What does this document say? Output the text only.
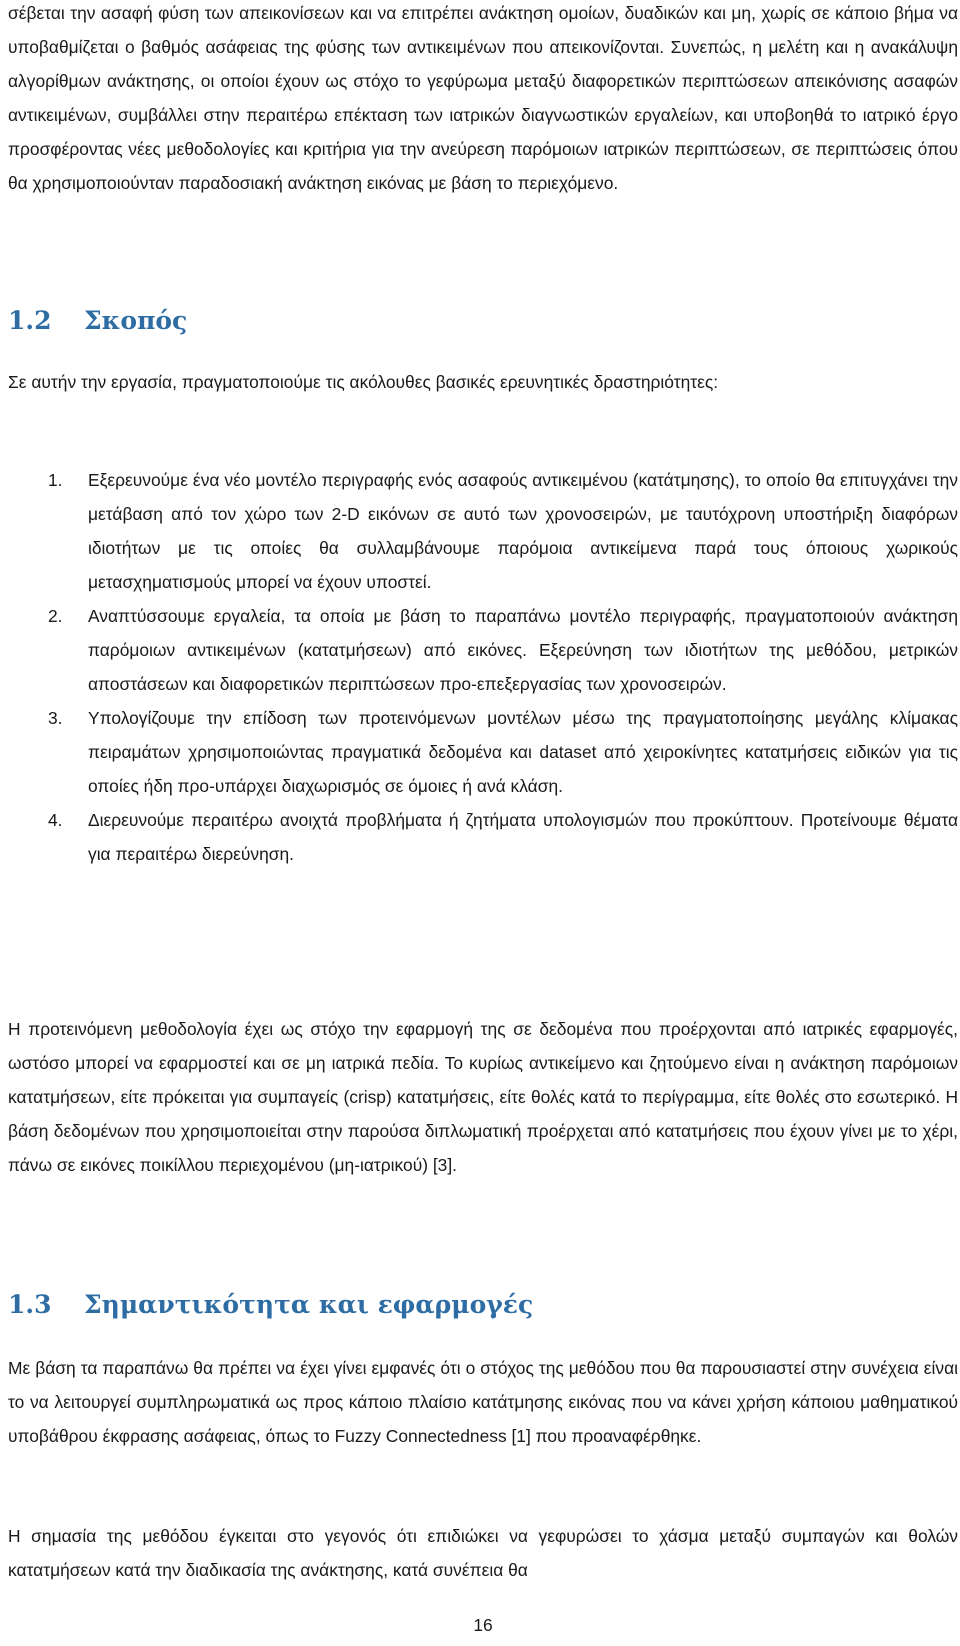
σέβεται την ασαφή φύση των απεικονίσεων και να επιτρέπει ανάκτηση ομοίων, δυαδικών και μη, χωρίς σε κάποιο βήμα να υποβαθμίζεται ο βαθμός ασάφειας της φύσης των αντικειμένων που απεικονίζονται. Συνεπώς, η μελέτη και η ανακάλυψη αλγορίθμων ανάκτησης, οι οποίοι έχουν ως στόχο το γεφύρωμα μεταξύ διαφορετικών περιπτώσεων απεικόνισης ασαφών αντικειμένων, συμβάλλει στην περαιτέρω επέκταση των ιατρικών διαγνωστικών εργαλείων, και υποβοηθά το ιατρικό έργο προσφέροντας νέες μεθοδολογίες και κριτήρια για την ανεύρεση παρόμοιων ιατρικών περιπτώσεων, σε περιπτώσεις όπου θα χρησιμοποιούνταν παραδοσιακή ανάκτηση εικόνας με βάση το περιεχόμενο.

1.2 Σκοπός

Σε αυτήν την εργασία, πραγματοποιούμε τις ακόλουθες βασικές ερευνητικές δραστηριότητες:

1. Εξερευνούμε ένα νέο μοντέλο περιγραφής ενός ασαφούς αντικειμένου (κατάτμησης), το οποίο θα επιτυγχάνει την μετάβαση από τον χώρο των 2-D εικόνων σε αυτό των χρονοσειρών, με ταυτόχρονη υποστήριξη διαφόρων ιδιοτήτων με τις οποίες θα συλλαμβάνουμε παρόμοια αντικείμενα παρά τους όποιους χωρικούς μετασχηματισμούς μπορεί να έχουν υποστεί.
2. Αναπτύσσουμε εργαλεία, τα οποία με βάση το παραπάνω μοντέλο περιγραφής, πραγματοποιούν ανάκτηση παρόμοιων αντικειμένων (κατατμήσεων) από εικόνες. Εξερεύνηση των ιδιοτήτων της μεθόδου, μετρικών αποστάσεων και διαφορετικών περιπτώσεων προ-επεξεργασίας των χρονοσειρών.
3. Υπολογίζουμε την επίδοση των προτεινόμενων μοντέλων μέσω της πραγματοποίησης μεγάλης κλίμακας πειραμάτων χρησιμοποιώντας πραγματικά δεδομένα και dataset από χειροκίνητες κατατμήσεις ειδικών για τις οποίες ήδη προ-υπάρχει διαχωρισμός σε όμοιες ή ανά κλάση.
4. Διερευνούμε περαιτέρω ανοιχτά προβλήματα ή ζητήματα υπολογισμών που προκύπτουν. Προτείνουμε θέματα για περαιτέρω διερεύνηση.

Η προτεινόμενη μεθοδολογία έχει ως στόχο την εφαρμογή της σε δεδομένα που προέρχονται από ιατρικές εφαρμογές, ωστόσο μπορεί να εφαρμοστεί και σε μη ιατρικά πεδία. Το κυρίως αντικείμενο και ζητούμενο είναι η ανάκτηση παρόμοιων κατατμήσεων, είτε πρόκειται για συμπαγείς (crisp) κατατμήσεις, είτε θολές κατά το περίγραμμα, είτε θολές στο εσωτερικό. Η βάση δεδομένων που χρησιμοποιείται στην παρούσα διπλωματική προέρχεται από κατατμήσεις που έχουν γίνει με το χέρι, πάνω σε εικόνες ποικίλλου περιεχομένου (μη-ιατρικού) [3].

1.3 Σημαντικότητα και εφαρμογές

Με βάση τα παραπάνω θα πρέπει να έχει γίνει εμφανές ότι ο στόχος της μεθόδου που θα παρουσιαστεί στην συνέχεια είναι το να λειτουργεί συμπληρωματικά ως προς κάποιο πλαίσιο κατάτμησης εικόνας που να κάνει χρήση κάποιου μαθηματικού υποβάθρου έκφρασης ασάφειας, όπως το Fuzzy Connectedness [1] που προαναφέρθηκε.

Η σημασία της μεθόδου έγκειται στο γεγονός ότι επιδιώκει να γεφυρώσει το χάσμα μεταξύ συμπαγών και θολών κατατμήσεων κατά την διαδικασία της ανάκτησης, κατά συνέπεια θα

16
